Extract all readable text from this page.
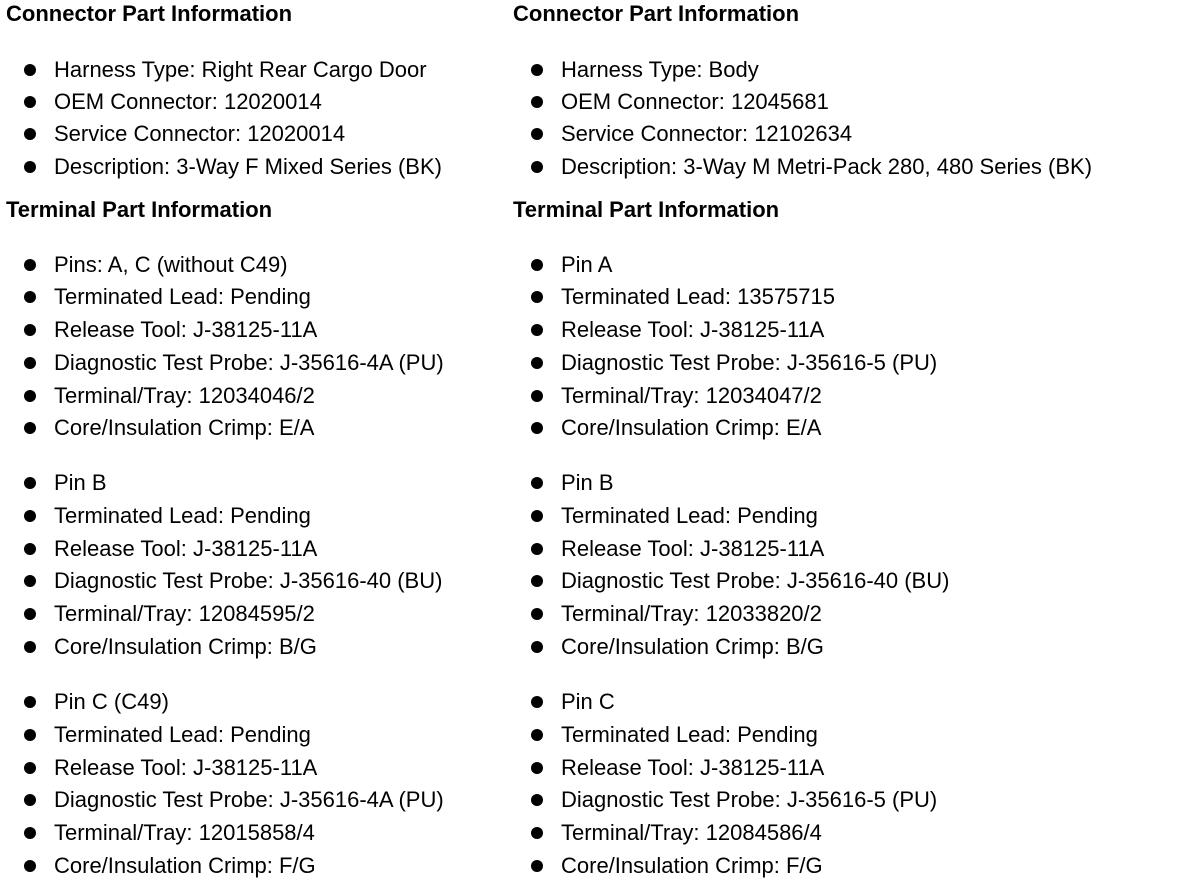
Connector Part Information
Harness Type: Right Rear Cargo Door
OEM Connector: 12020014
Service Connector: 12020014
Description: 3-Way F Mixed Series (BK)
Terminal Part Information
Pins: A, C (without C49)
Terminated Lead: Pending
Release Tool: J-38125-11A
Diagnostic Test Probe: J-35616-4A (PU)
Terminal/Tray: 12034046/2
Core/Insulation Crimp: E/A
Pin B
Terminated Lead: Pending
Release Tool: J-38125-11A
Diagnostic Test Probe: J-35616-40 (BU)
Terminal/Tray: 12084595/2
Core/Insulation Crimp: B/G
Pin C (C49)
Terminated Lead: Pending
Release Tool: J-38125-11A
Diagnostic Test Probe: J-35616-4A (PU)
Terminal/Tray: 12015858/4
Core/Insulation Crimp: F/G
Connector Part Information
Harness Type: Body
OEM Connector: 12045681
Service Connector: 12102634
Description: 3-Way M Metri-Pack 280, 480 Series (BK)
Terminal Part Information
Pin A
Terminated Lead: 13575715
Release Tool: J-38125-11A
Diagnostic Test Probe: J-35616-5 (PU)
Terminal/Tray: 12034047/2
Core/Insulation Crimp: E/A
Pin B
Terminated Lead: Pending
Release Tool: J-38125-11A
Diagnostic Test Probe: J-35616-40 (BU)
Terminal/Tray: 12033820/2
Core/Insulation Crimp: B/G
Pin C
Terminated Lead: Pending
Release Tool: J-38125-11A
Diagnostic Test Probe: J-35616-5 (PU)
Terminal/Tray: 12084586/4
Core/Insulation Crimp: F/G
